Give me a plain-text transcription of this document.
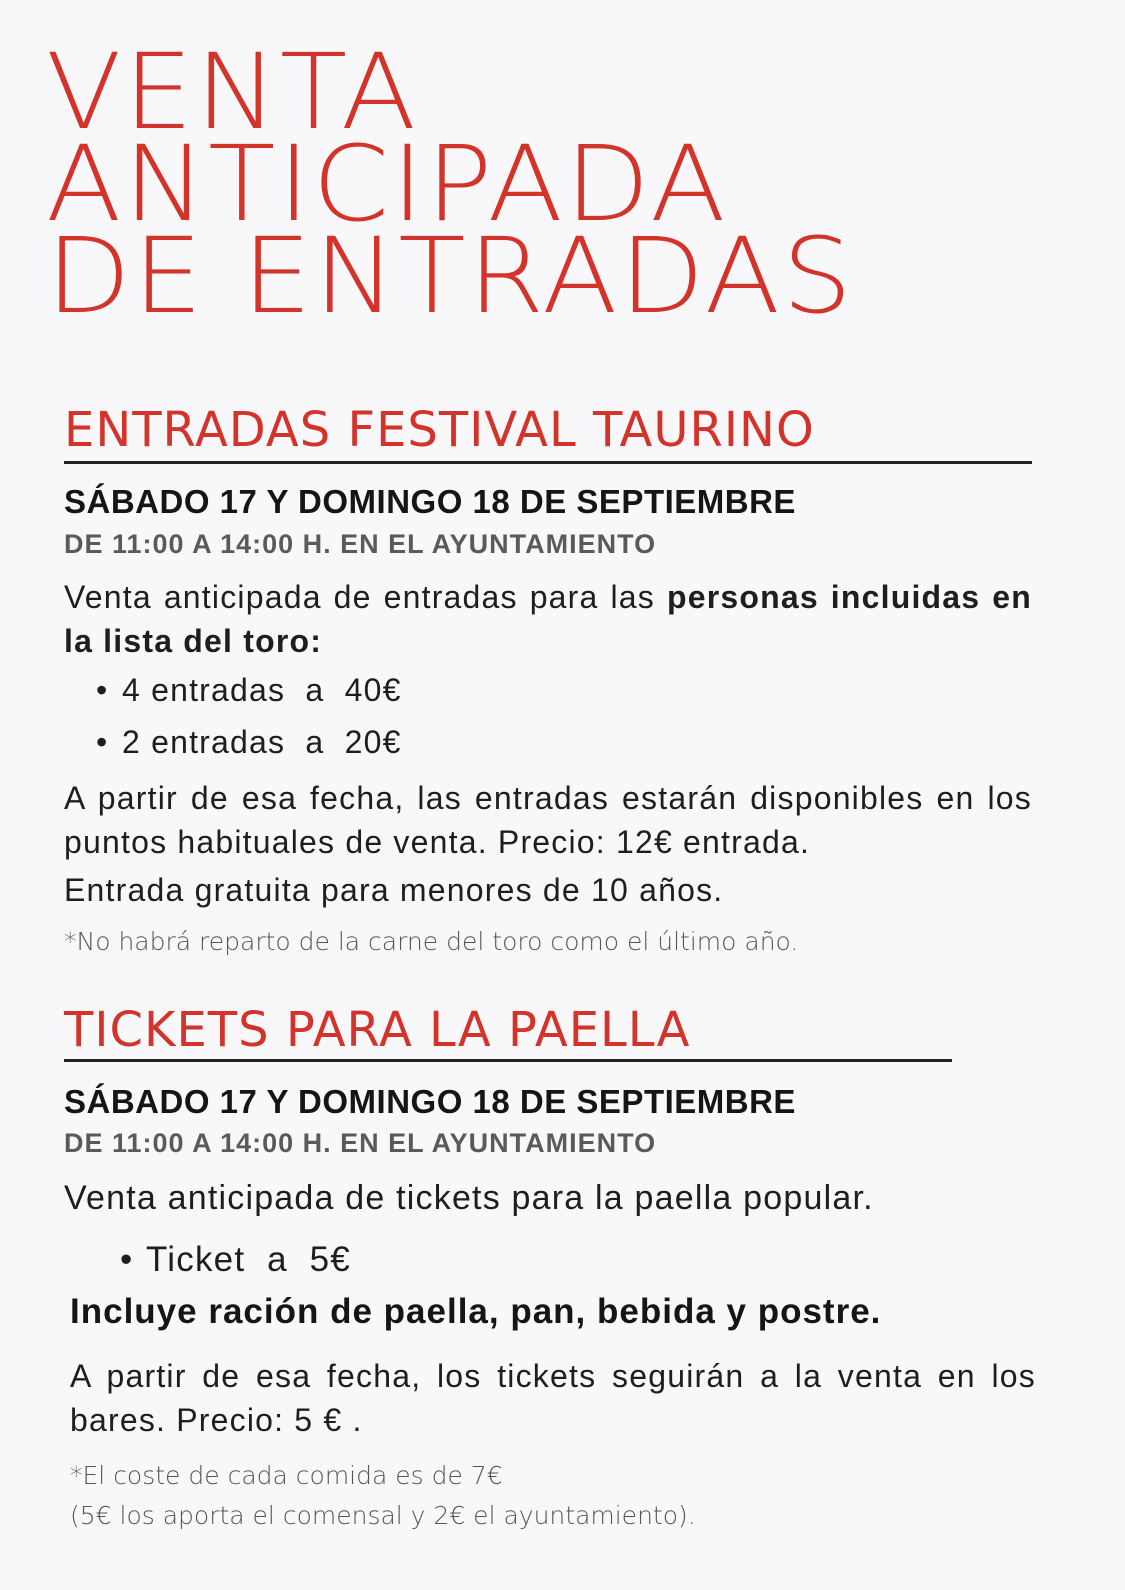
VENTA
ANTICIPADA
DE ENTRADAS
ENTRADAS FESTIVAL TAURINO
SÁBADO 17 Y DOMINGO 18 DE SEPTIEMBRE
DE 11:00 A 14:00 H. EN EL AYUNTAMIENTO
Venta anticipada de entradas para las personas incluidas en la lista del toro:
• 4 entradas  a  40€
• 2 entradas  a  20€
A partir de esa fecha, las entradas estarán disponibles en los puntos habituales de venta. Precio: 12€ entrada.
Entrada gratuita para menores de 10 años.
*No habrá reparto de la carne del toro como el último año.
TICKETS PARA LA PAELLA
SÁBADO 17 Y DOMINGO 18 DE SEPTIEMBRE
DE 11:00 A 14:00 H. EN EL AYUNTAMIENTO
Venta anticipada de tickets para la paella popular.
• Ticket  a  5€
Incluye ración de paella, pan, bebida y postre.
A partir de esa fecha, los tickets seguirán a la venta en los bares. Precio: 5 € .
*El coste de cada comida es de 7€
(5€ los aporta el comensal y 2€ el ayuntamiento).
